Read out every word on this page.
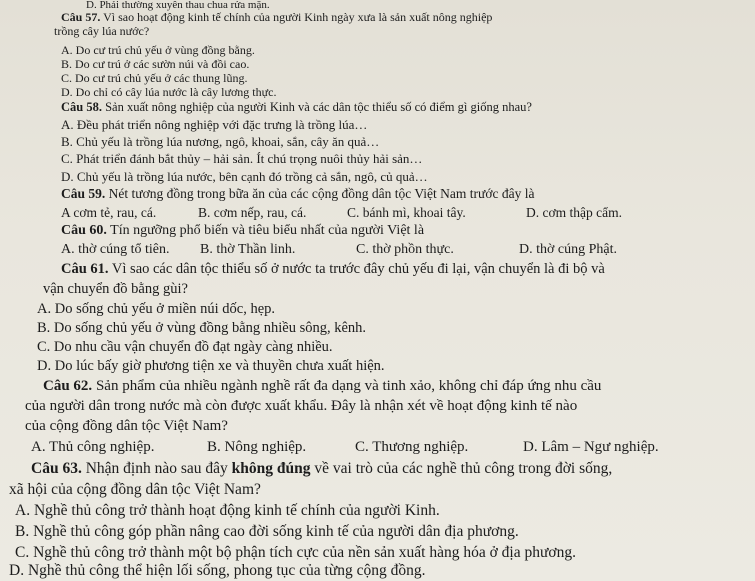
D. Phải thường xuyên thau chua rửa mặn.
Câu 57. Vì sao hoạt động kinh tế chính của người Kinh ngày xưa là sản xuất nông nghiệp
trồng cây lúa nước?
A. Do cư trú chủ yếu ở vùng đồng bằng.
B. Do cư trú ở các sườn núi và đồi cao.
C. Do cư trú chủ yếu ở các thung lũng.
D. Do chỉ có cây lúa nước là cây lương thực.
Câu 58. Sản xuất nông nghiệp của người Kinh và các dân tộc thiểu số có điểm gì giống nhau?
A. Đều phát triển nông nghiệp với đặc trưng là trồng lúa…
B. Chủ yếu là trồng lúa nương, ngô, khoai, sắn, cây ăn quả…
C. Phát triển đánh bắt thủy – hải sản. Ít chú trọng nuôi thủy hải sản…
D. Chủ yếu là trồng lúa nước, bên cạnh đó trồng cả sắn, ngô, củ quả…
Câu 59. Nét tương đồng trong bữa ăn của các cộng đồng dân tộc Việt Nam trước đây là
A cơm tẻ, rau, cá.	B. cơm nếp, rau, cá.	C. bánh mì, khoai tây.	D. cơm thập cẩm.
Câu 60. Tín ngưỡng phổ biến và tiêu biểu nhất của người Việt là
A. thờ cúng tổ tiên. B. thờ Thần linh.	C. thờ phồn thực.	D. thờ cúng Phật.
Câu 61. Vì sao các dân tộc thiểu số ở nước ta trước đây chủ yếu đi lại, vận chuyển là đi bộ và
vận chuyển đồ bằng gùi?
A. Do sống chủ yếu ở miền núi dốc, hẹp.
B. Do sống chủ yếu ở vùng đồng bằng nhiều sông, kênh.
C. Do nhu cầu vận chuyển đồ đạt ngày càng nhiều.
D. Do lúc bấy giờ phương tiện xe và thuyền chưa xuất hiện.
Câu 62. Sản phẩm của nhiều ngành nghề rất đa dạng và tinh xảo, không chỉ đáp ứng nhu cầu
của người dân trong nước mà còn được xuất khẩu. Đây là nhận xét về hoạt động kinh tế nào
của cộng đồng dân tộc Việt Nam?
A. Thủ công nghiệp.	B. Nông nghiệp.	C. Thương nghiệp.	D. Lâm – Ngư nghiệp.
Câu 63. Nhận định nào sau đây không đúng về vai trò của các nghề thủ công trong đời sống,
xã hội của cộng đồng dân tộc Việt Nam?
A. Nghề thủ công trở thành hoạt động kinh tế chính của người Kinh.
B. Nghề thủ công góp phần nâng cao đời sống kinh tế của người dân địa phương.
C. Nghề thủ công trở thành một bộ phận tích cực của nền sản xuất hàng hóa ở địa phương.
D. Nghề thủ công thể hiện lối sống, phong tục của từng cộng đồng.
